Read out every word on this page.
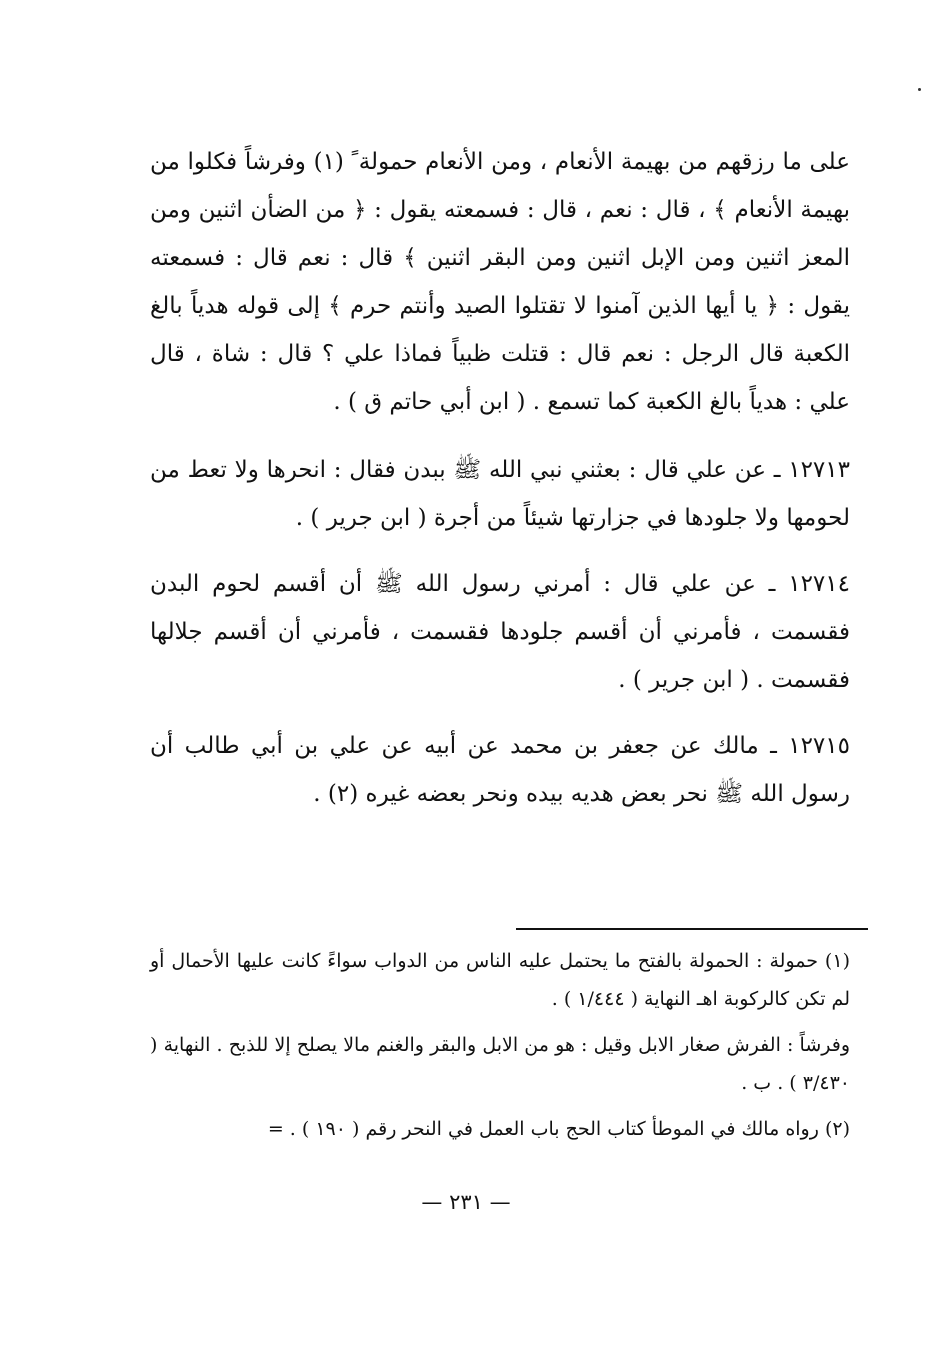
على ما رزقهم من بهيمة الأنعام ، ومن الأنعام حمولة ً (١) وفرشاً فكلوا من بهيمة الأنعام ﴾ ، قال : نعم ، قال : فسمعته يقول : ﴿ من الضأن اثنين ومن المعز اثنين ومن الإبل اثنين ومن البقر اثنين ﴾ قال : نعم قال : فسمعته يقول : ﴿ يا أيها الذين آمنوا لا تقتلوا الصيد وأنتم حرم ﴾ إلى قوله هدياً بالغ الكعبة قال الرجل : نعم قال : قتلت ظبياً فماذا علي ؟ قال : شاة ، قال علي : هدياً بالغ الكعبة كما تسمع . ( ابن أبي حاتم ق ) .

١٢٧١٣ ـ عن علي قال : بعثني نبي الله ﷺ ببدن فقال : انحرها ولا تعط من لحومها ولا جلودها في جزارتها شيئاً من أجرة ( ابن جرير ) .

١٢٧١٤ ـ عن علي قال : أمرني رسول الله ﷺ أن أقسم لحوم البدن فقسمت ، فأمرني أن أقسم جلودها فقسمت ، فأمرني أن أقسم جلالها فقسمت . ( ابن جرير ) .

١٢٧١٥ ـ مالك عن جعفر بن محمد عن أبيه عن علي بن أبي طالب أن رسول الله ﷺ نحر بعض هديه بيده ونحر بعضه غيره (٢) .

(١) حمولة : الحمولة بالفتح ما يحتمل عليه الناس من الدواب سواءً كانت عليها الأحمال أو لم تكن كالركوبة اهـ النهاية ( ١/٤٤٤ ) .

وفرشاً : الفرش صغار الابل وقيل : هو من الابل والبقر والغنم مالا يصلح إلا للذبح . النهاية ( ٣/٤٣٠ ) . ب .

(٢) رواه مالك في الموطأ كتاب الحج باب العمل في النحر رقم ( ١٩٠ ) . =

— ٢٣١ —
